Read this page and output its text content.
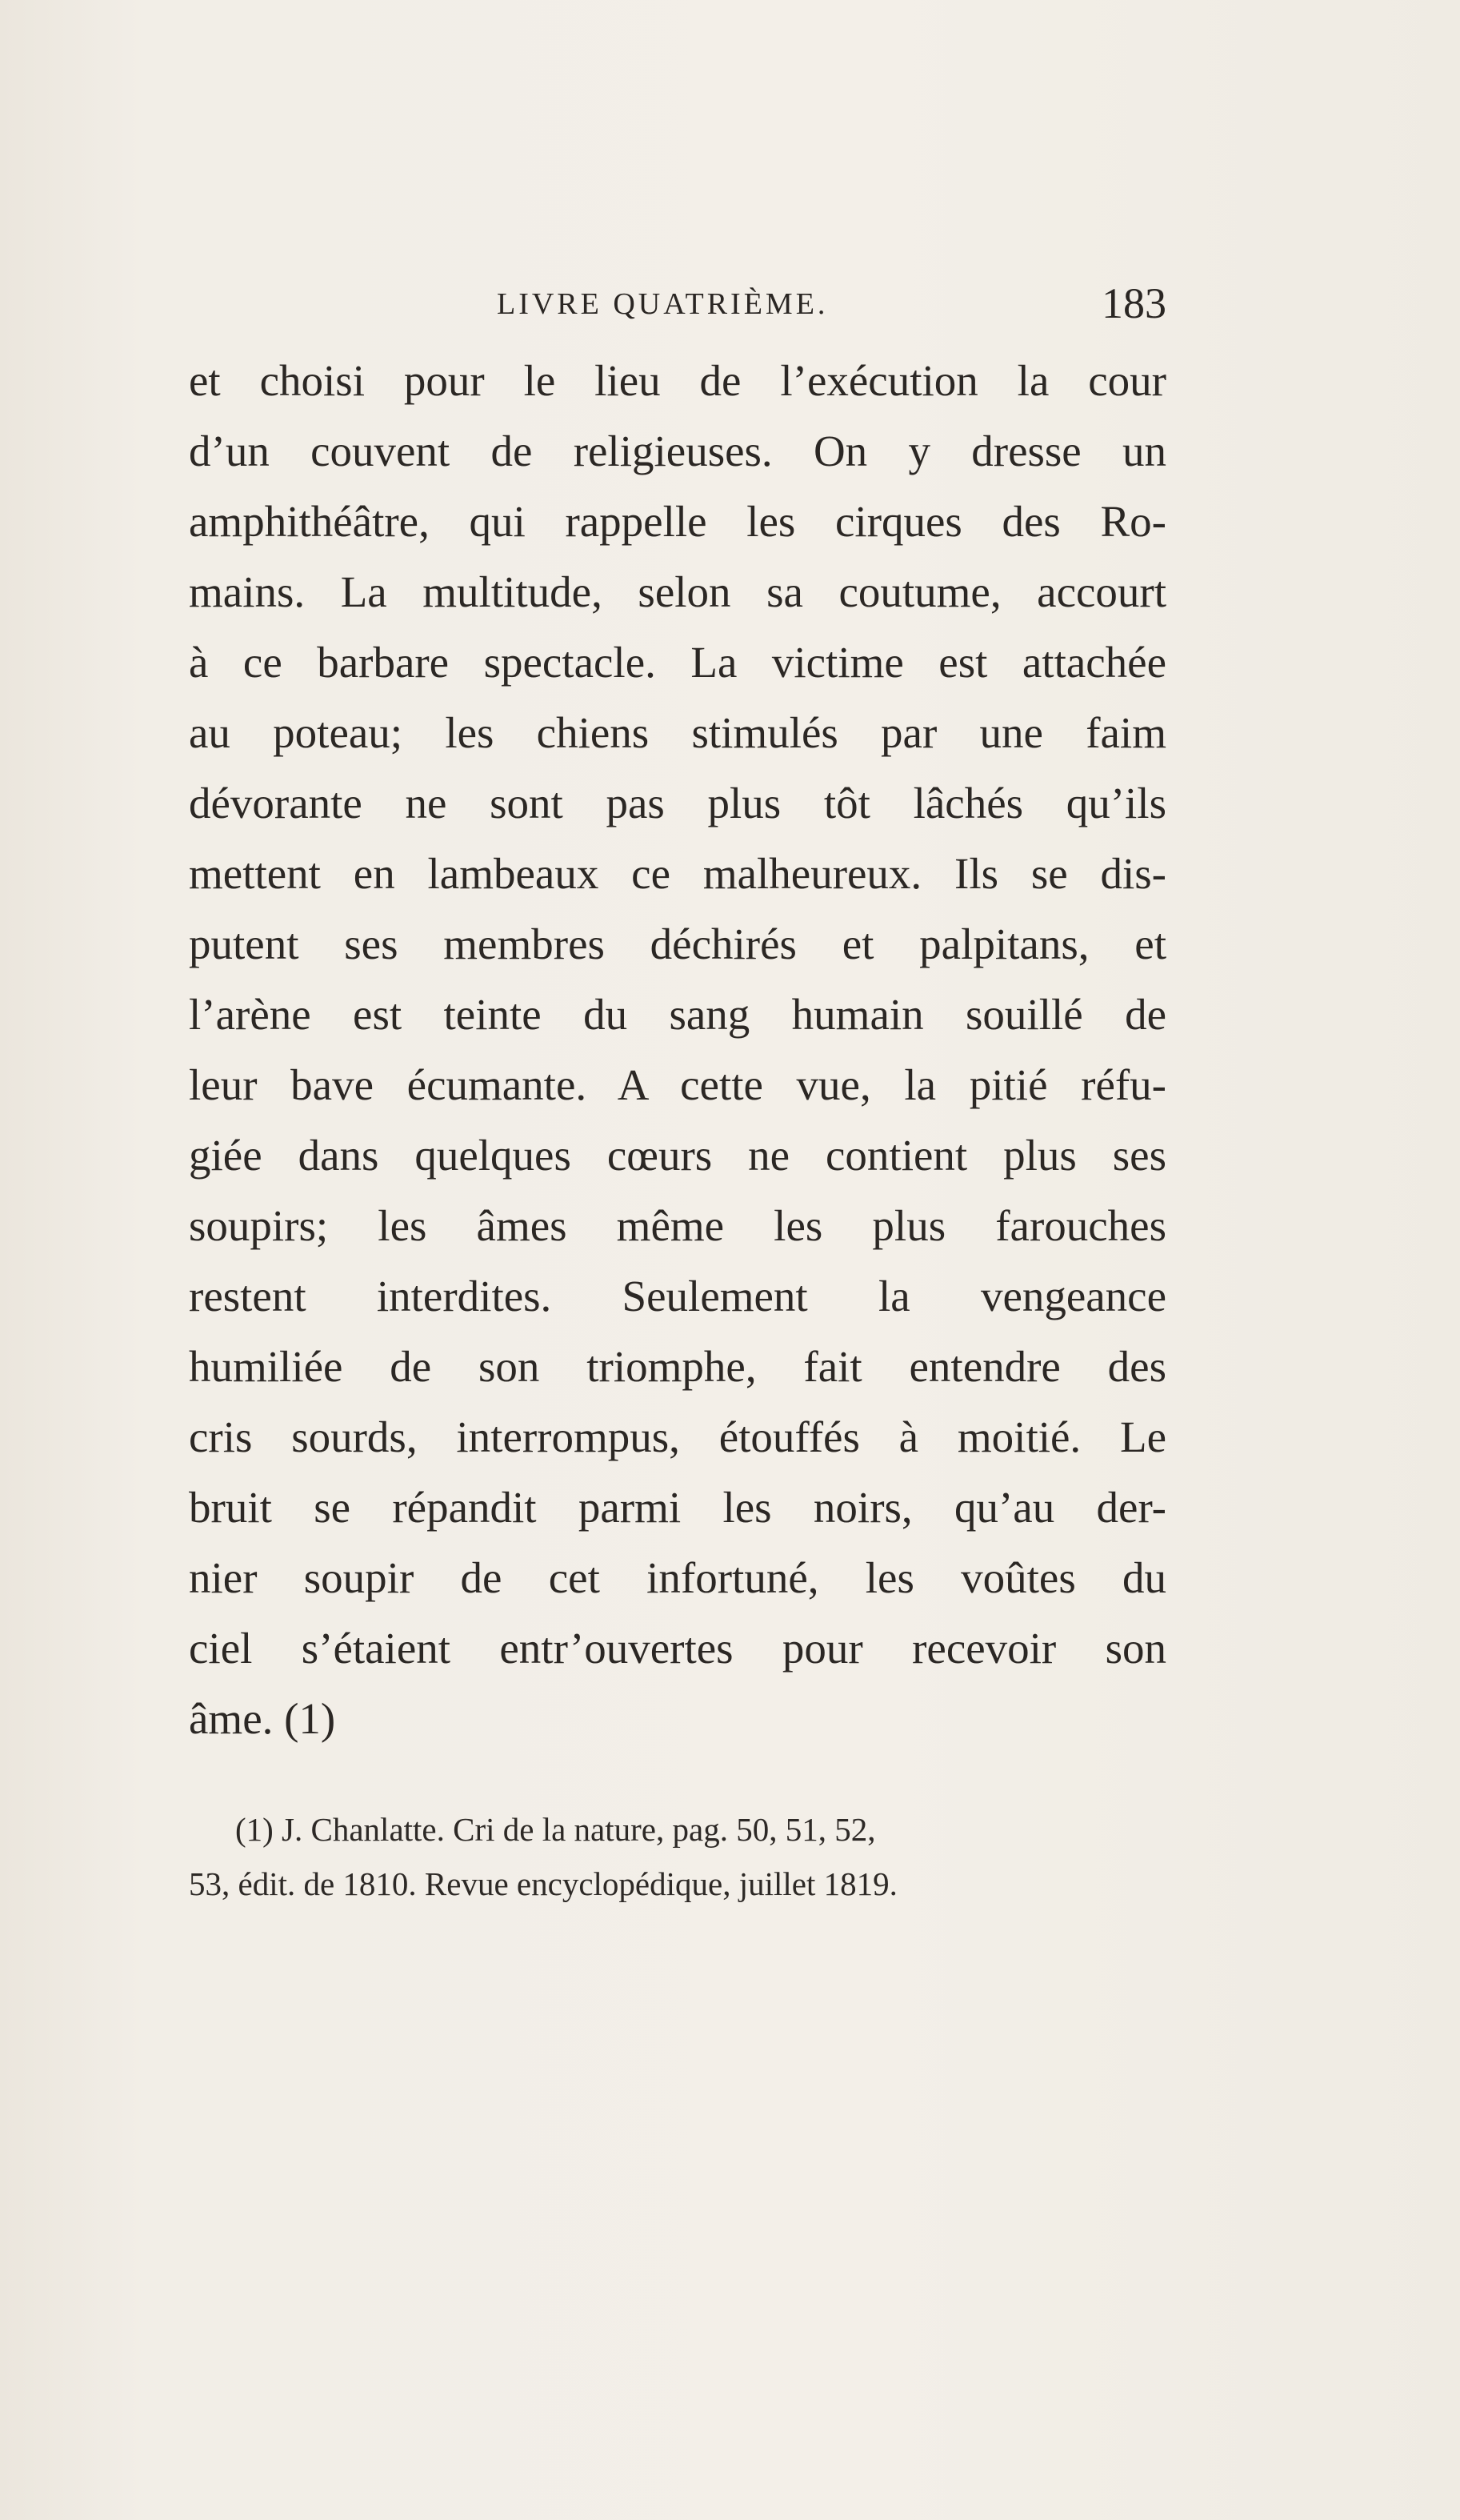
LIVRE QUATRIÈME.	183
et choisi pour le lieu de l’exécution la cour
d’un couvent de religieuses. On y dresse un
amphithéâtre, qui rappelle les cirques des Ro-
mains. La multitude, selon sa coutume, accourt
à ce barbare spectacle. La victime est attachée
au poteau; les chiens stimulés par une faim
dévorante ne sont pas plus tôt lâchés qu’ils
mettent en lambeaux ce malheureux. Ils se dis-
putent ses membres déchirés et palpitans, et
l’arène est teinte du sang humain souillé de
leur bave écumante. A cette vue, la pitié réfu-
giée dans quelques cœurs ne contient plus ses
soupirs; les âmes même les plus farouches
restent interdites. Seulement la vengeance
humiliée de son triomphe, fait entendre des
cris sourds, interrompus, étouffés à moitié. Le
bruit se répandit parmi les noirs, qu’au der-
nier soupir de cet infortuné, les voûtes du
ciel s’étaient entr’ouvertes pour recevoir son
âme. (1)
(1) J. Chanlatte. Cri de la nature, pag. 50, 51, 52,
53, édit. de 1810. Revue encyclopédique, juillet 1819.
